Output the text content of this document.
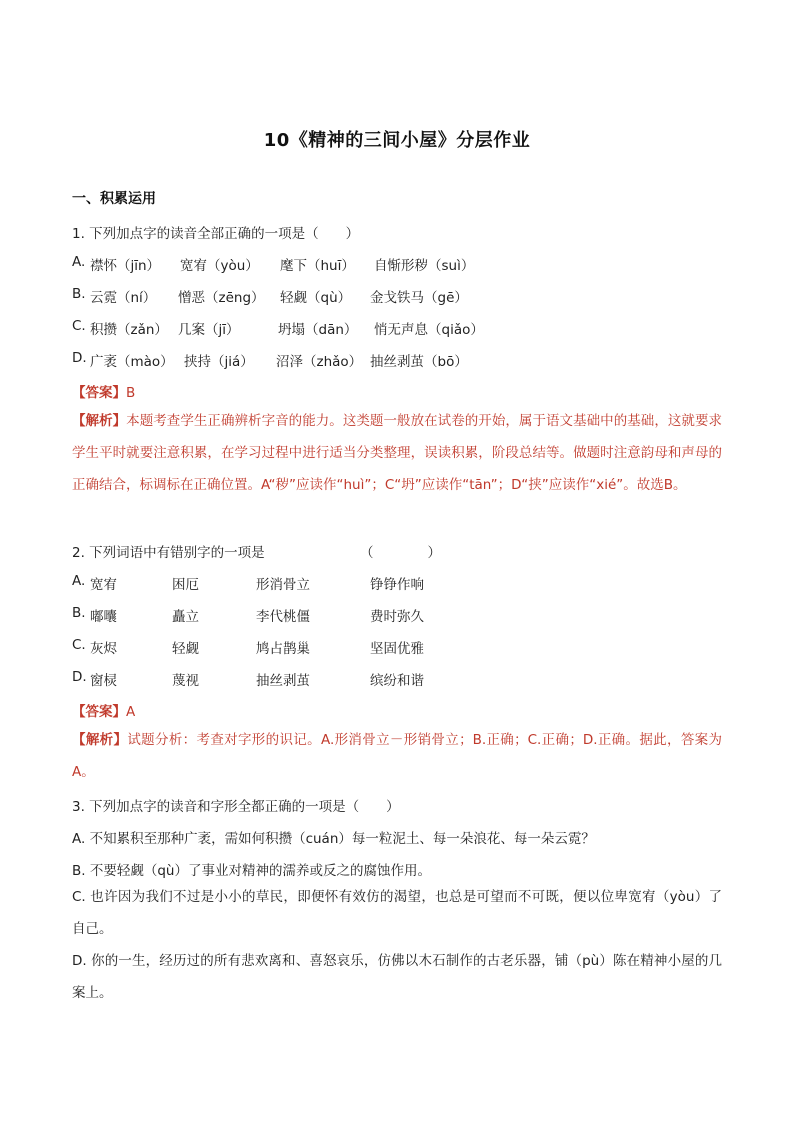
10《精神的三间小屋》分层作业
一、积累运用
1. 下列加点字的读音全部正确的一项是（　　）
A. 襟怀（jīn） 宽宥（yòu） 麾下（huī） 自惭形秽（suì）
B. 云霓（ní） 憎恶（zēng） 轻觑（qù） 金戈铁马（gē）
C. 积攒（zǎn） 几案（jī）	坍塌（dān） 悄无声息（qiǎo）
D. 广袤（mào） 挟持（jiá） 沼泽（zhǎo） 抽丝剥茧（bō）
【答案】B
【解析】本题考查学生正确辨析字音的能力。这类题一般放在试卷的开始，属于语文基础中的基础，这就要求学生平时就要注意积累，在学习过程中进行适当分类整理，误读积累，阶段总结等。做题时注意韵母和声母的正确结合，标调标在正确位置。A“秽”应读作“huì”；C“坍”应读作“tān”；D“挟”应读作“xié”。故选B。
2. 下列词语中有错别字的一项是	（　　　　）
A. 宽宥	困厄	形消骨立	铮铮作响
B. 嘟囔	矗立	李代桃僵	费时弥久
C. 灰烬	轻觑	鸠占鹊巢	坚固优雅
D. 窗棂	蔑视	抽丝剥茧	缤纷和谐
【答案】A
【解析】试题分析：考查对字形的识记。A.形消骨立－形销骨立；B.正确；C.正确；D.正确。据此，答案为A。
3. 下列加点字的读音和字形全都正确的一项是（　　）
A. 不知累积至那种广袤，需如何积攒（cuán）每一粒泥土、每一朵浪花、每一朵云霓？
B. 不要轻觑（qù）了事业对精神的濡养或反之的腐蚀作用。
C. 也许因为我们不过是小小的草民，即便怀有效仿的渴望，也总是可望而不可既，便以位卑宽宥（yòu）了自己。
D. 你的一生，经历过的所有悲欢离和、喜怒哀乐，仿佛以木石制作的古老乐器，铺（pù）陈在精神小屋的几案上。
